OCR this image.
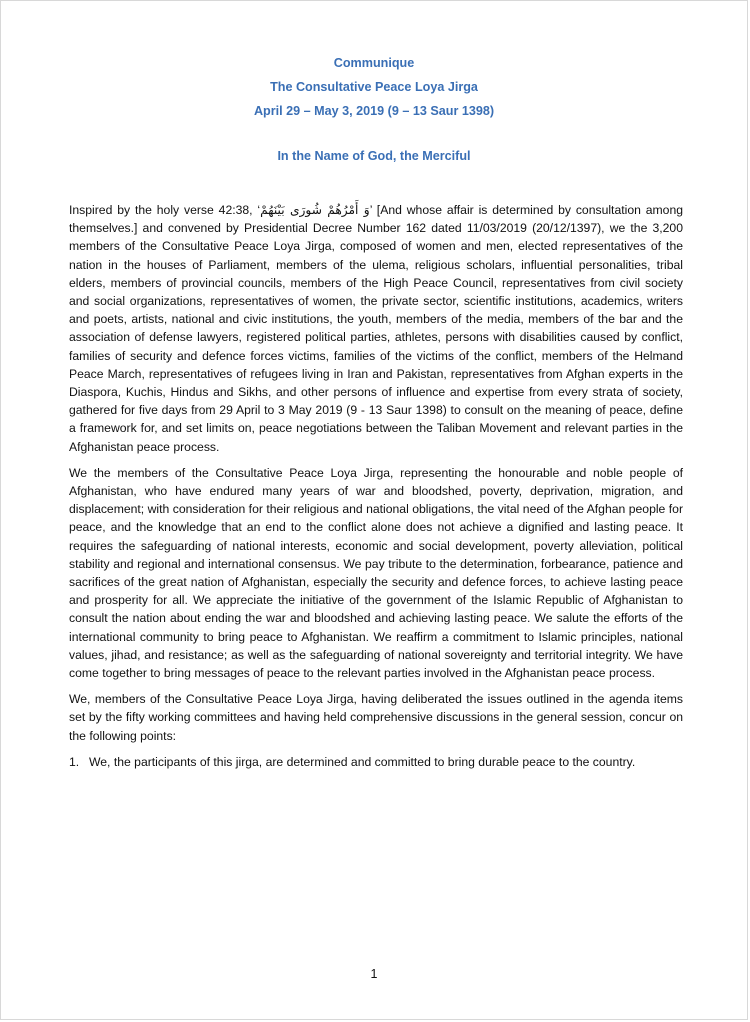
Communique
The Consultative Peace Loya Jirga
April 29 – May 3, 2019 (9 – 13 Saur 1398)
In the Name of God, the Merciful

Inspired by the holy verse 42:38, ‘وَ أَمْرُهُمْ شُورَى بَيْنَهُمْ’ [And whose affair is determined by consultation among themselves.] and convened by Presidential Decree Number 162 dated 11/03/2019 (20/12/1397), we the 3,200 members of the Consultative Peace Loya Jirga, composed of women and men, elected representatives of the nation in the houses of Parliament, members of the ulema, religious scholars, influential personalities, tribal elders, members of provincial councils, members of the High Peace Council, representatives from civil society and social organizations, representatives of women, the private sector, scientific institutions, academics, writers and poets, artists, national and civic institutions, the youth, members of the media, members of the bar and the association of defense lawyers, registered political parties, athletes, persons with disabilities caused by conflict, families of security and defence forces victims, families of the victims of the conflict, members of the Helmand Peace March, representatives of refugees living in Iran and Pakistan, representatives from Afghan experts in the Diaspora, Kuchis, Hindus and Sikhs, and other persons of influence and expertise from every strata of society, gathered for five days from 29 April to 3 May 2019 (9 - 13 Saur 1398) to consult on the meaning of peace, define a framework for, and set limits on, peace negotiations between the Taliban Movement and relevant parties in the Afghanistan peace process.

We the members of the Consultative Peace Loya Jirga, representing the honourable and noble people of Afghanistan, who have endured many years of war and bloodshed, poverty, deprivation, migration, and displacement; with consideration for their religious and national obligations, the vital need of the Afghan people for peace, and the knowledge that an end to the conflict alone does not achieve a dignified and lasting peace. It requires the safeguarding of national interests, economic and social development, poverty alleviation, political stability and regional and international consensus. We pay tribute to the determination, forbearance, patience and sacrifices of the great nation of Afghanistan, especially the security and defence forces, to achieve lasting peace and prosperity for all. We appreciate the initiative of the government of the Islamic Republic of Afghanistan to consult the nation about ending the war and bloodshed and achieving lasting peace. We salute the efforts of the international community to bring peace to Afghanistan. We reaffirm a commitment to Islamic principles, national values, jihad, and resistance; as well as the safeguarding of national sovereignty and territorial integrity. We have come together to bring messages of peace to the relevant parties involved in the Afghanistan peace process.

We, members of the Consultative Peace Loya Jirga, having deliberated the issues outlined in the agenda items set by the fifty working committees and having held comprehensive discussions in the general session, concur on the following points:

1. We, the participants of this jirga, are determined and committed to bring durable peace to the country.
1
